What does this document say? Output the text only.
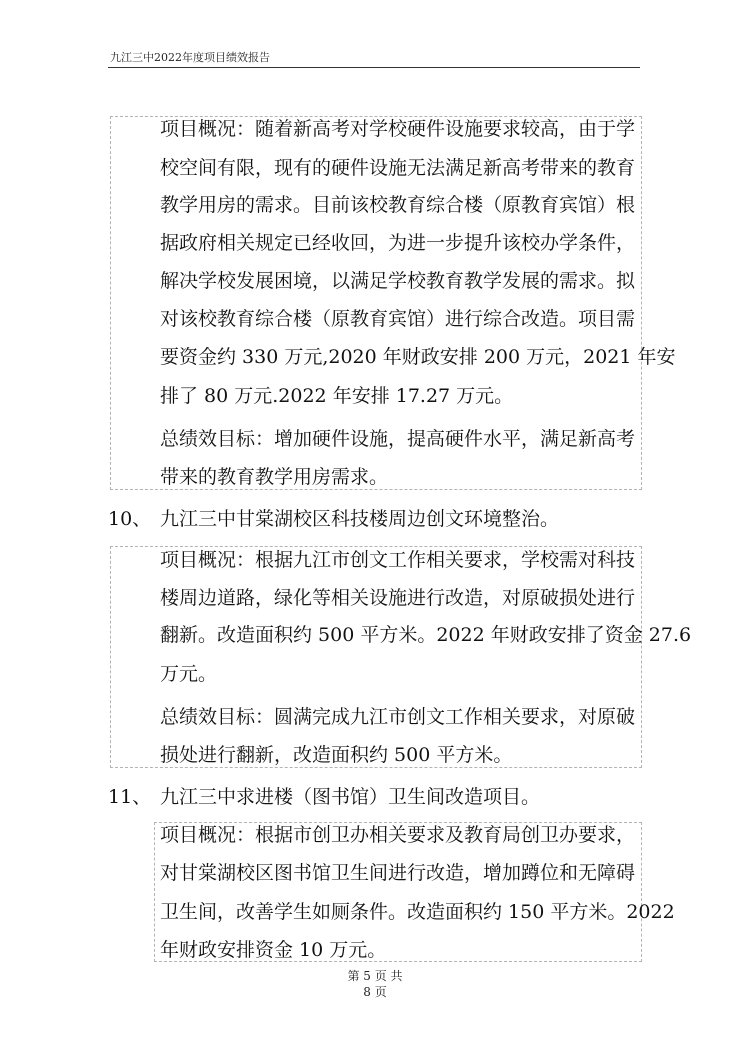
九江三中2022年度项目绩效报告
项目概况：随着新高考对学校硬件设施要求较高，由于学
校空间有限，现有的硬件设施无法满足新高考带来的教育
教学用房的需求。目前该校教育综合楼（原教育宾馆）根
据政府相关规定已经收回，为进一步提升该校办学条件，
解决学校发展困境，以满足学校教育教学发展的需求。拟
对该校教育综合楼（原教育宾馆）进行综合改造。项目需
要资金约 330 万元,2020 年财政安排 200 万元，2021 年安
排了 80 万元.2022 年安排 17.27 万元。
总绩效目标：增加硬件设施，提高硬件水平，满足新高考
带来的教育教学用房需求。
10、 九江三中甘棠湖校区科技楼周边创文环境整治。
项目概况：根据九江市创文工作相关要求，学校需对科技
楼周边道路，绿化等相关设施进行改造，对原破损处进行
翻新。改造面积约 500 平方米。2022 年财政安排了资金 27.6
万元。
总绩效目标：圆满完成九江市创文工作相关要求，对原破
损处进行翻新，改造面积约 500 平方米。
11、 九江三中求进楼（图书馆）卫生间改造项目。
项目概况：根据市创卫办相关要求及教育局创卫办要求，
对甘棠湖校区图书馆卫生间进行改造，增加蹲位和无障碍
卫生间，改善学生如厕条件。改造面积约 150 平方米。2022
年财政安排资金 10 万元。
第 5 页 共
8 页
